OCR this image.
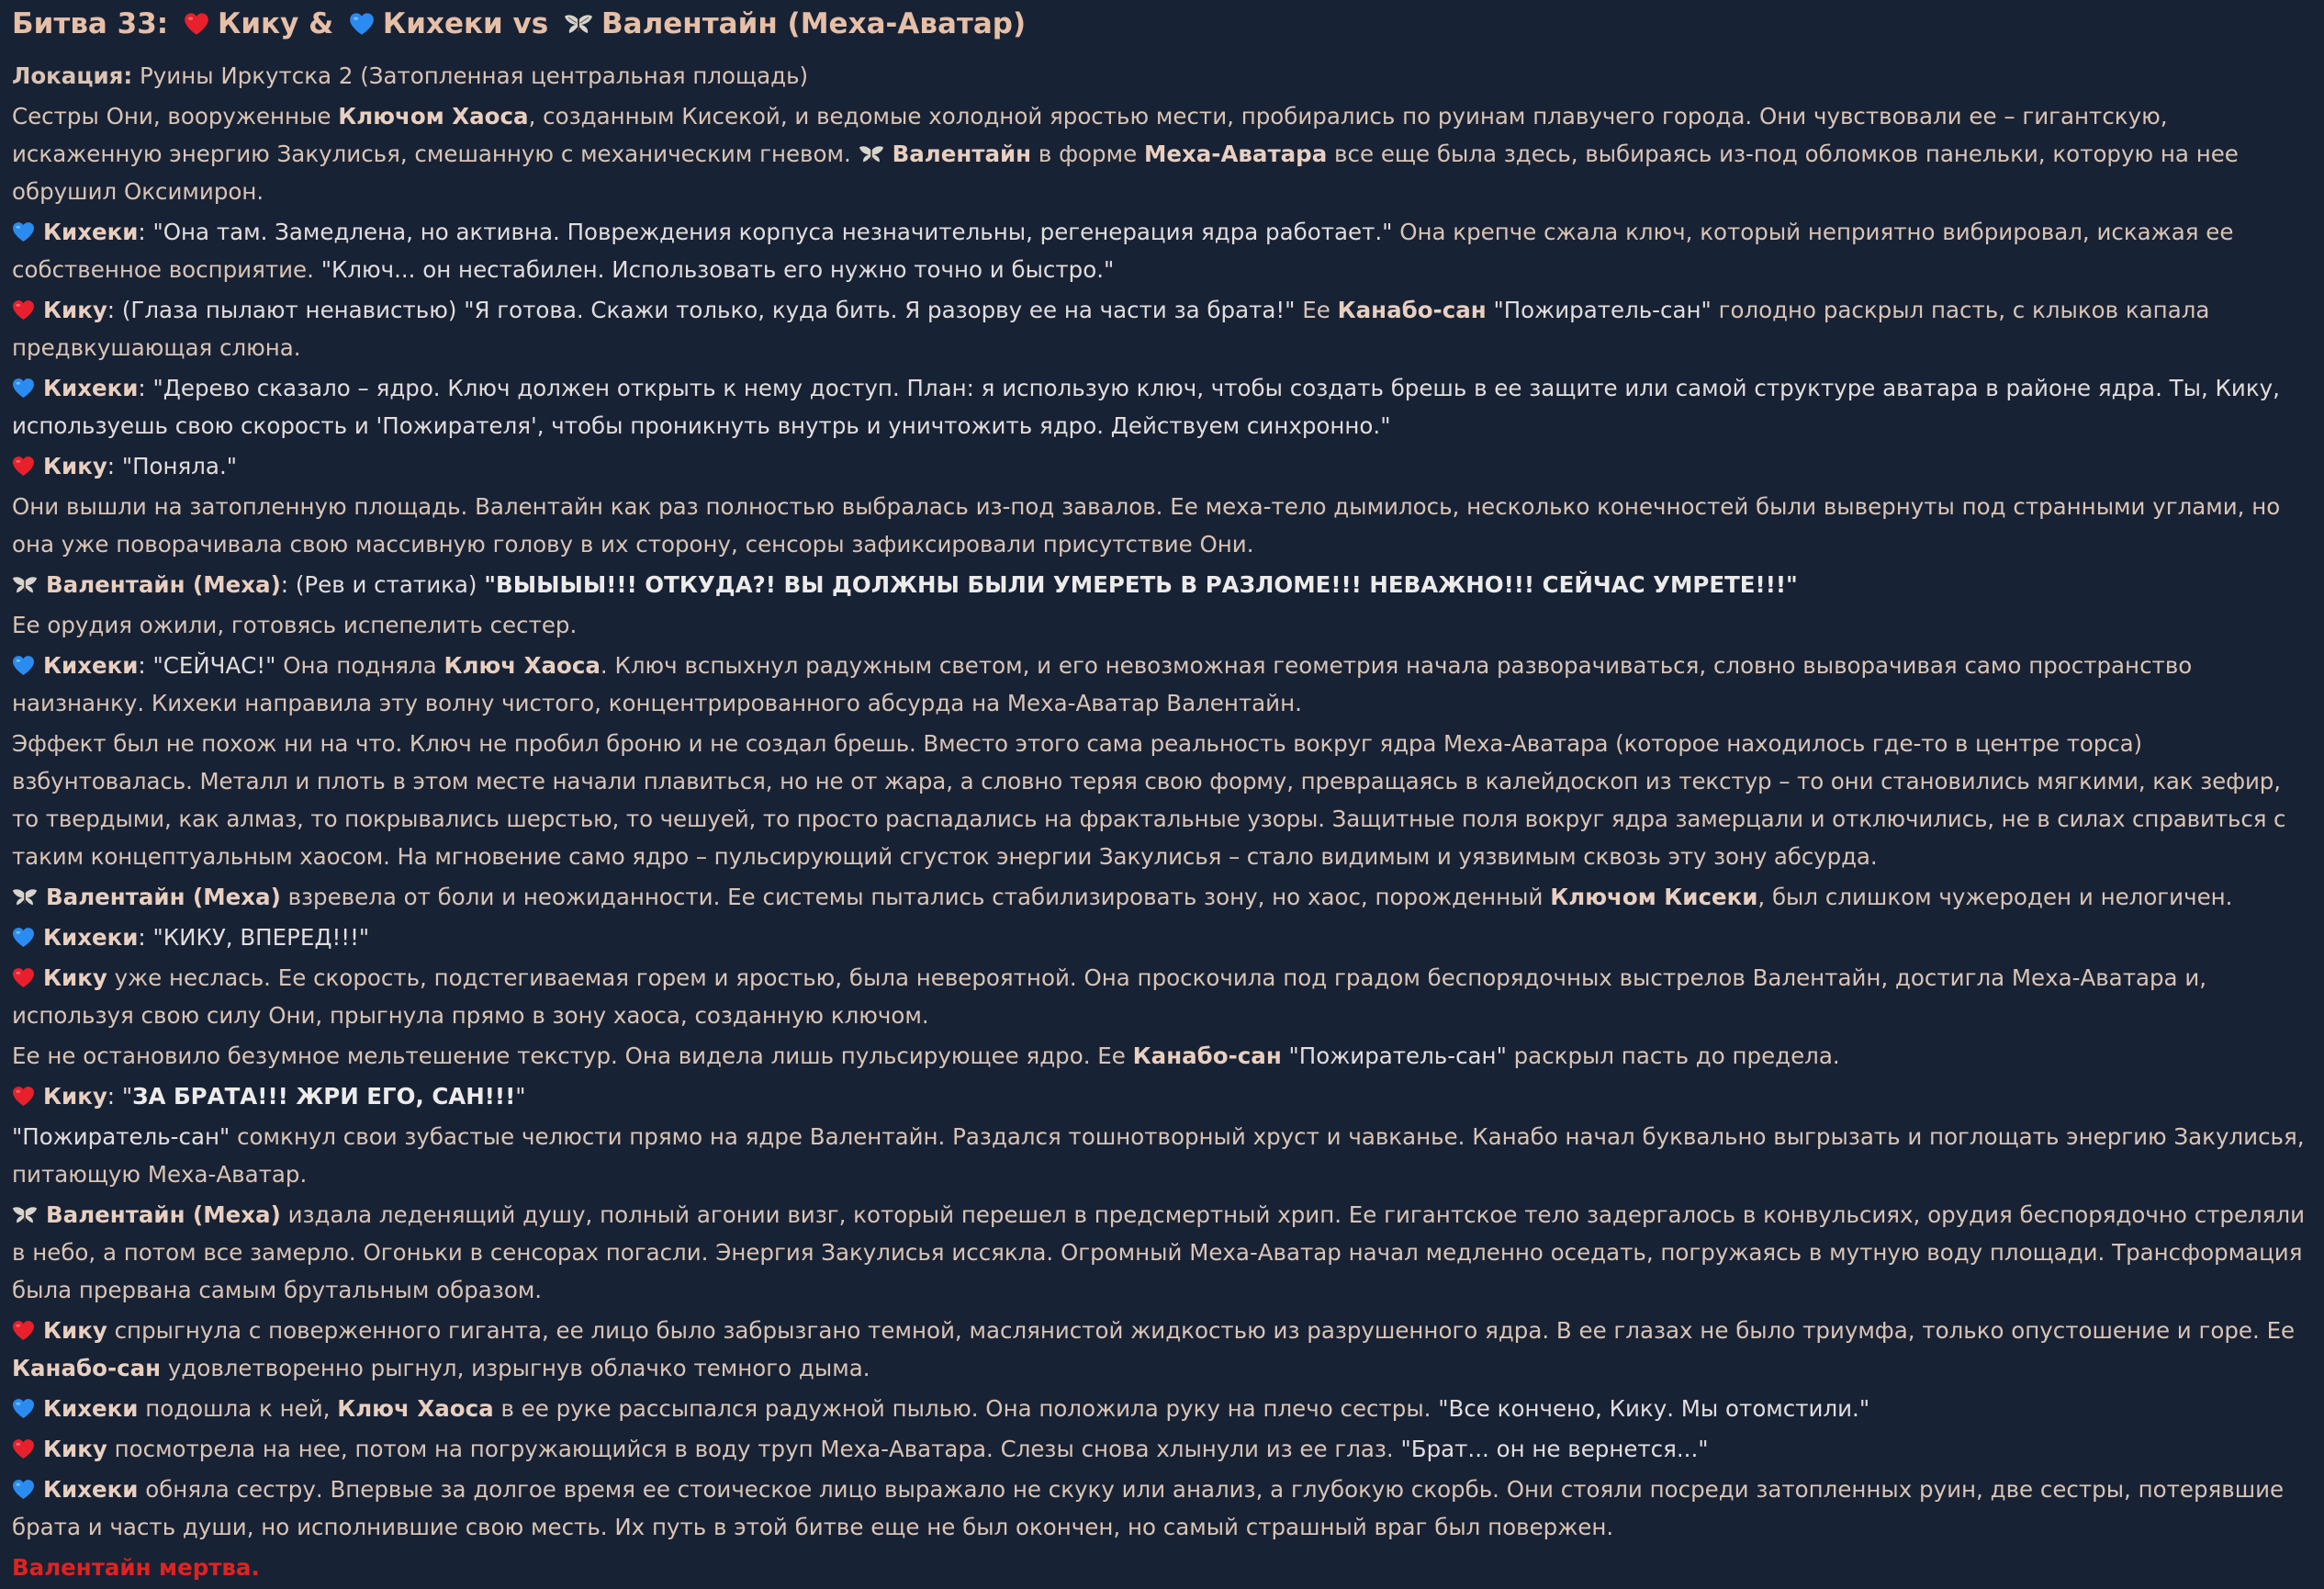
Битва 33: Кику & Кихеки vs Валентайн (Меха-Аватар)

Локация: Руины Иркутска 2 (Затопленная центральная площадь)

Сестры Они, вооруженные Ключом Хаоса, созданным Кисекой, и ведомые холодной яростью мести, пробирались по руинам плавучего города. Они чувствовали ее – гигантскую, искаженную энергию Закулисья, смешанную с механическим гневом.
Валентайн в форме Меха-Аватара все еще была здесь, выбираясь из-под обломков панельки, которую на нее обрушил Оксимирон.

Кихеки: "Она там. Замедлена, но активна. Повреждения корпуса незначительны, регенерация ядра работает." Она крепче сжала ключ, который неприятно вибрировал, искажая ее собственное восприятие. "Ключ... он нестабилен. Использовать его нужно точно и быстро."

Кику: (Глаза пылают ненавистью) "Я готова. Скажи только, куда бить. Я разорву ее на части за брата!" Ее Канабо-сан "Пожиратель-сан" голодно раскрыл пасть, с клыков капала предвкушающая слюна.

Кихеки: "Дерево сказало – ядро. Ключ должен открыть к нему доступ. План: я использую ключ, чтобы создать брешь в ее защите или самой структуре аватара в районе ядра. Ты, Кику, используешь свою скорость и 'Пожирателя', чтобы проникнуть внутрь и уничтожить ядро. Действуем синхронно."

Кику: "Поняла."

Они вышли на затопленную площадь. Валентайн как раз полностью выбралась из-под завалов. Ее меха-тело дымилось, несколько конечностей были вывернуты под странными углами, но она уже поворачивала свою массивную голову в их сторону, сенсоры зафиксировали присутствие Они.

Валентайн (Меха): (Рев и статика) "ВЫЫЫЫ!!! ОТКУДА?! ВЫ ДОЛЖНЫ БЫЛИ УМЕРЕТЬ В РАЗЛОМЕ!!! НЕВАЖНО!!! СЕЙЧАС УМРЕТЕ!!!"

Ее орудия ожили, готовясь испепелить сестер.

Кихеки: "СЕЙЧАС!" Она подняла Ключ Хаоса. Ключ вспыхнул радужным светом, и его невозможная геометрия начала разворачиваться, словно выворачивая само пространство наизнанку. Кихеки направила эту волну чистого, концентрированного абсурда на Меха-Аватар Валентайн.

Эффект был не похож ни на что. Ключ не пробил броню и не создал брешь. Вместо этого сама реальность вокруг ядра Меха-Аватара (которое находилось где-то в центре торса) взбунтовалась. Металл и плоть в этом месте начали плавиться, но не от жара, а словно теряя свою форму, превращаясь в калейдоскоп из текстур – то они становились мягкими, как зефир, то твердыми, как алмаз, то покрывались шерстью, то чешуей, то просто распадались на фрактальные узоры. Защитные поля вокруг ядра замерцали и отключились, не в силах справиться с таким концептуальным хаосом. На мгновение само ядро – пульсирующий сгусток энергии Закулисья – стало видимым и уязвимым сквозь эту зону абсурда.

Валентайн (Меха) взревела от боли и неожиданности. Ее системы пытались стабилизировать зону, но хаос, порожденный Ключом Кисеки, был слишком чужероден и нелогичен.

Кихеки: "КИКУ, ВПЕРЕД!!!"

Кику уже неслась. Ее скорость, подстегиваемая горем и яростью, была невероятной. Она проскочила под градом беспорядочных выстрелов Валентайн, достигла Меха-Аватара и, используя свою силу Они, прыгнула прямо в зону хаоса, созданную ключом.

Ее не остановило безумное мельтешение текстур. Она видела лишь пульсирующее ядро. Ее Канабо-сан "Пожиратель-сан" раскрыл пасть до предела.

Кику: "ЗА БРАТА!!! ЖРИ ЕГО, САН!!!"

"Пожиратель-сан" сомкнул свои зубастые челюсти прямо на ядре Валентайн. Раздался тошнотворный хруст и чавканье. Канабо начал буквально выгрызать и поглощать энергию Закулисья, питающую Меха-Аватар.

Валентайн (Меха) издала леденящий душу, полный агонии визг, который перешел в предсмертный хрип. Ее гигантское тело задергалось в конвульсиях, орудия беспорядочно стреляли в небо, а потом все замерло. Огоньки в сенсорах погасли. Энергия Закулисья иссякла. Огромный Меха-Аватар начал медленно оседать, погружаясь в мутную воду площади. Трансформация была прервана самым брутальным образом.

Кику спрыгнула с поверженного гиганта, ее лицо было забрызгано темной, маслянистой жидкостью из разрушенного ядра. В ее глазах не было триумфа, только опустошение и горе. Ее Канабо-сан удовлетворенно рыгнул, изрыгнув облачко темного дыма.

Кихеки подошла к ней, Ключ Хаоса в ее руке рассыпался радужной пылью. Она положила руку на плечо сестры. "Все кончено, Кику. Мы отомстили."

Кику посмотрела на нее, потом на погружающийся в воду труп Меха-Аватара. Слезы снова хлынули из ее глаз. "Брат... он не вернется..."

Кихеки обняла сестру. Впервые за долгое время ее стоическое лицо выражало не скуку или анализ, а глубокую скорбь. Они стояли посреди затопленных руин, две сестры, потерявшие брата и часть души, но исполнившие свою месть. Их путь в этой битве еще не был окончен, но самый страшный враг был повержен.

Валентайн мертва.
